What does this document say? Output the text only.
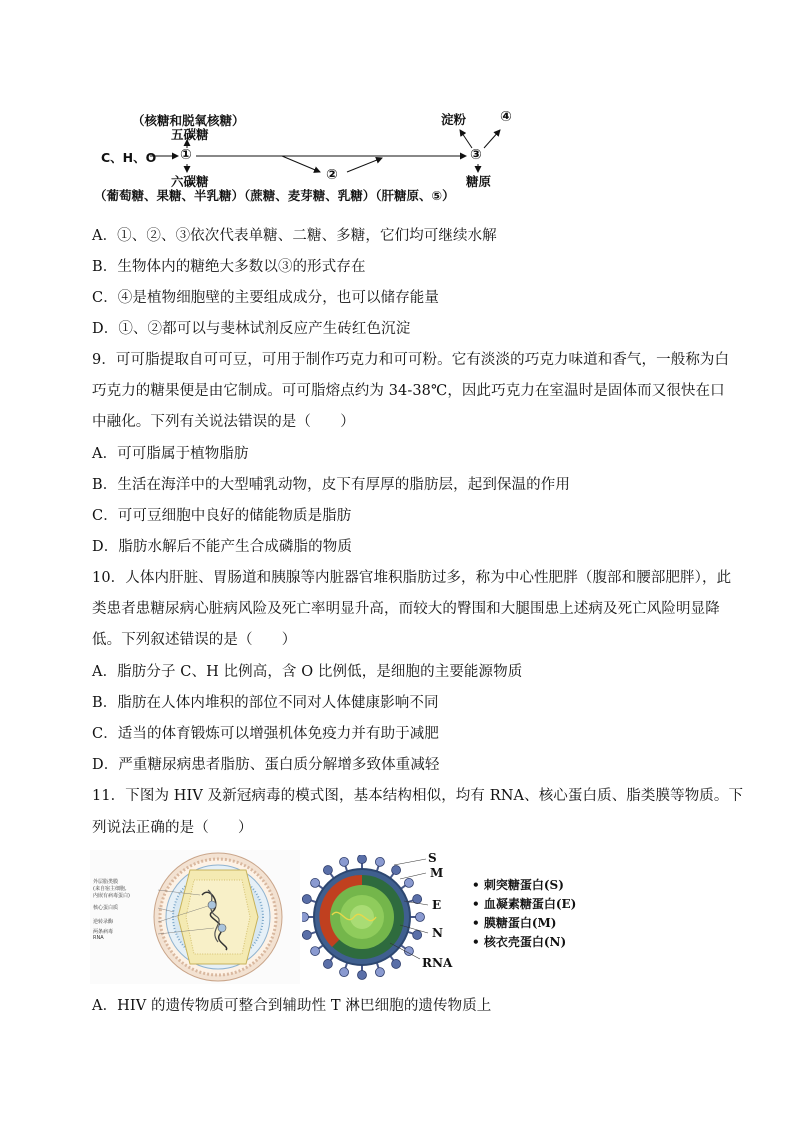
（核糖和脱氧核糖）
五碳糖
C、H、O ①
六碳糖	②
淀粉 ④
③
糖原
（葡萄糖、果糖、半乳糖）（蔗糖、麦芽糖、乳糖）（肝糖原、⑤）
A．①、②、③依次代表单糖、二糖、多糖，它们均可继续水解
B．生物体内的糖绝大多数以③的形式存在
C．④是植物细胞壁的主要组成成分，也可以储存能量
D．①、②都可以与斐林试剂反应产生砖红色沉淀
9．可可脂提取自可可豆，可用于制作巧克力和可可粉。它有淡淡的巧克力味道和香气，一般称为白
巧克力的糖果便是由它制成。可可脂熔点约为 34-38℃，因此巧克力在室温时是固体而又很快在口
中融化。下列有关说法错误的是（　　）
A．可可脂属于植物脂肪
B．生活在海洋中的大型哺乳动物，皮下有厚厚的脂肪层，起到保温的作用
C．可可豆细胞中良好的储能物质是脂肪
D．脂肪水解后不能产生合成磷脂的物质
10．人体内肝脏、胃肠道和胰腺等内脏器官堆积脂肪过多，称为中心性肥胖（腹部和腰部肥胖），此
类患者患糖尿病心脏病风险及死亡率明显升高，而较大的臀围和大腿围患上述病及死亡风险明显降
低。下列叙述错误的是（　　）
A．脂肪分子 C、H 比例高，含 O 比例低，是细胞的主要能源物质
B．脂肪在人体内堆积的部位不同对人体健康影响不同
C．适当的体育锻炼可以增强机体免疫力并有助于减肥
D．严重糖尿病患者脂肪、蛋白质分解增多致体重减轻
11．下图为 HIV 及新冠病毒的模式图，基本结构相似，均有 RNA、核心蛋白质、脂类膜等物质。下
列说法正确的是（　　）
外层脂类膜
(来自宿主细胞,
内嵌有病毒蛋白)
核心蛋白质
逆转录酶
两条病毒
RNA
S
M
E
N
RNA
• 刺突糖蛋白(S)
• 血凝素糖蛋白(E)
• 膜糖蛋白(M)
• 核衣壳蛋白(N)
A．HIV 的遗传物质可整合到辅助性 T 淋巴细胞的遗传物质上
